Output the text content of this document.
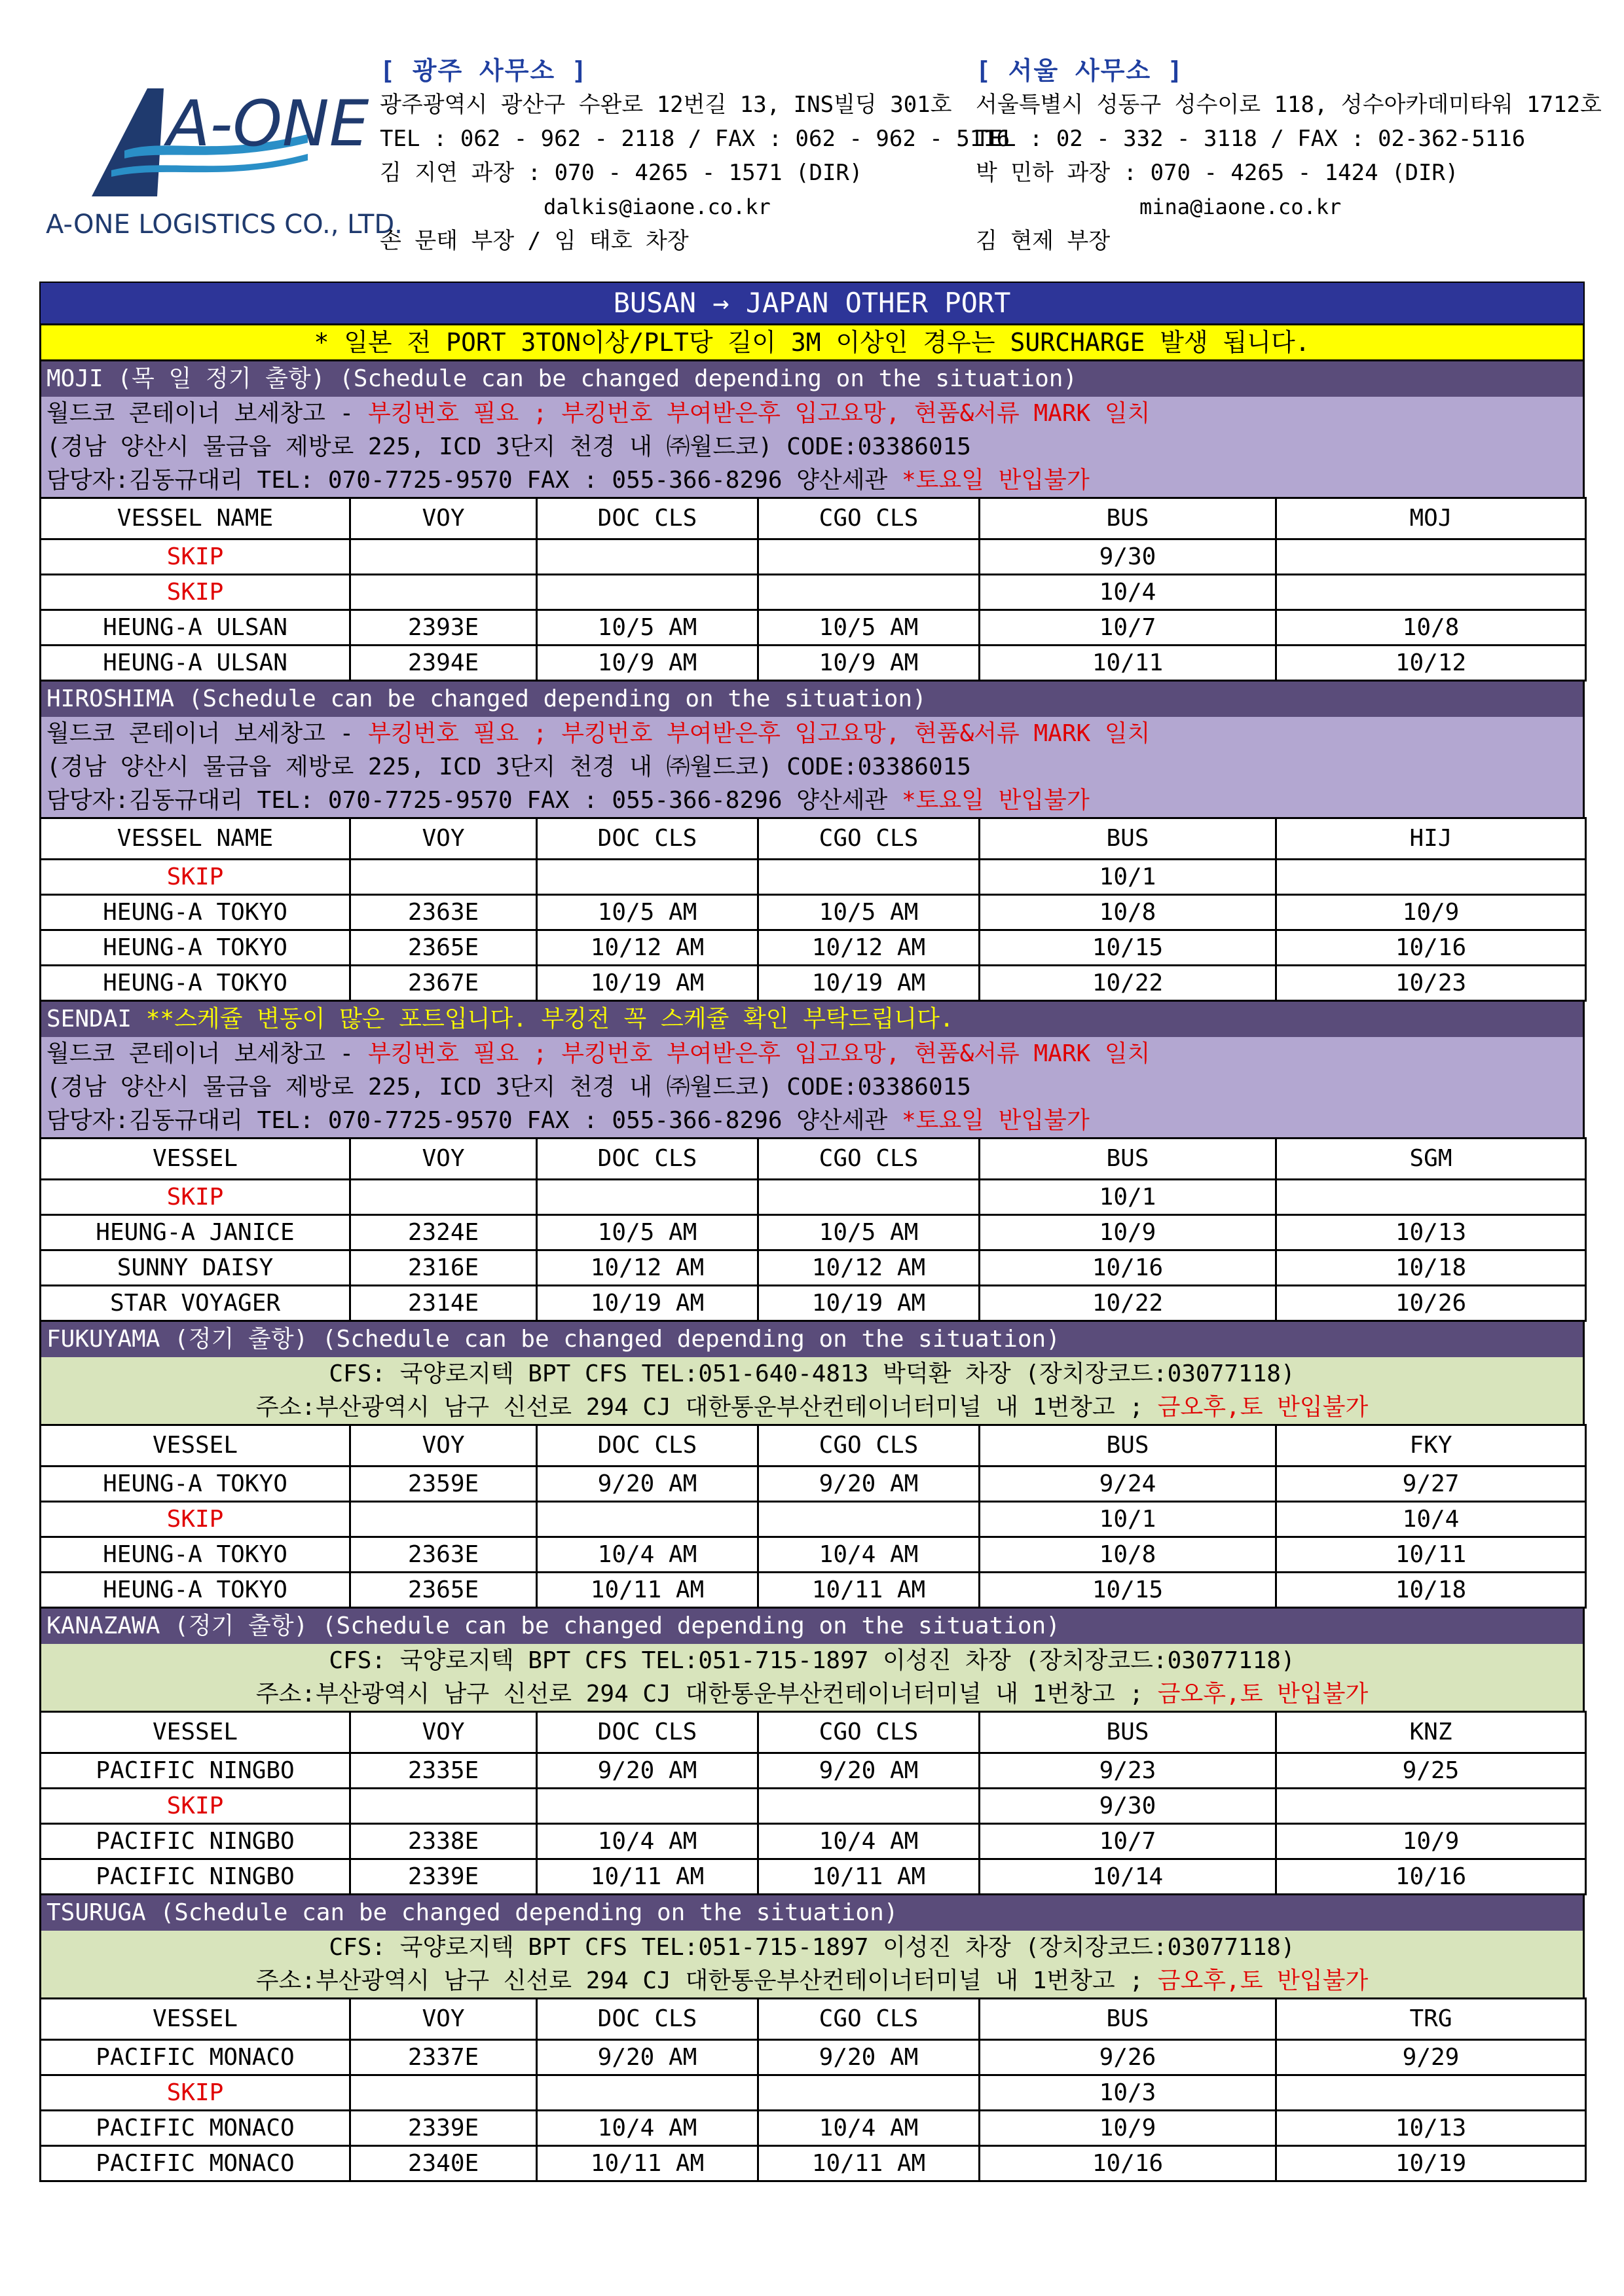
A-ONE
A-ONE LOGISTICS CO., LTD.
[ 광주 사무소 ]
광주광역시 광산구 수완로 12번길 13, INS빌딩 301호
TEL : 062 - 962 - 2118 / FAX : 062 - 962 - 5116
김 지연 과장 : 070 - 4265 - 1571 (DIR)
dalkis@iaone.co.kr
손 문태 부장 / 임 태호 차장
[ 서울 사무소 ]
서울특별시 성동구 성수이로 118, 성수아카데미타워 1712호
TEL : 02 - 332 - 3118 / FAX : 02-362-5116
박 민하 과장 : 070 - 4265 - 1424 (DIR)
mina@iaone.co.kr
김 현제 부장
BUSAN → JAPAN OTHER PORT
* 일본 전 PORT 3TON이상/PLT당 길이 3M 이상인 경우는 SURCHARGE 발생 됩니다.
MOJI (목 일 정기 출항) (Schedule can be changed depending on the situation)
월드코 콘테이너 보세창고 - 부킹번호 필요 ; 부킹번호 부여받은후 입고요망, 현품&서류 MARK 일치
(경남 양산시 물금읍 제방로 225, ICD 3단지 천경 내 ㈜월드코) CODE:03386015
담당자:김동규대리 TEL: 070-7725-9570 FAX : 055-366-8296 양산세관 *토요일 반입불가
VESSEL NAME	VOY	DOC CLS	CGO CLS	BUS	MOJ
SKIP				9/30	
SKIP				10/4	
HEUNG-A ULSAN	2393E	10/5 AM	10/5 AM	10/7	10/8
HEUNG-A ULSAN	2394E	10/9 AM	10/9 AM	10/11	10/12
HIROSHIMA (Schedule can be changed depending on the situation)
월드코 콘테이너 보세창고 - 부킹번호 필요 ; 부킹번호 부여받은후 입고요망, 현품&서류 MARK 일치
(경남 양산시 물금읍 제방로 225, ICD 3단지 천경 내 ㈜월드코) CODE:03386015
담당자:김동규대리 TEL: 070-7725-9570 FAX : 055-366-8296 양산세관 *토요일 반입불가
VESSEL NAME	VOY	DOC CLS	CGO CLS	BUS	HIJ
SKIP				10/1	
HEUNG-A TOKYO	2363E	10/5 AM	10/5 AM	10/8	10/9
HEUNG-A TOKYO	2365E	10/12 AM	10/12 AM	10/15	10/16
HEUNG-A TOKYO	2367E	10/19 AM	10/19 AM	10/22	10/23
SENDAI **스케쥴 변동이 많은 포트입니다. 부킹전 꼭 스케쥴 확인 부탁드립니다.
월드코 콘테이너 보세창고 - 부킹번호 필요 ; 부킹번호 부여받은후 입고요망, 현품&서류 MARK 일치
(경남 양산시 물금읍 제방로 225, ICD 3단지 천경 내 ㈜월드코) CODE:03386015
담당자:김동규대리 TEL: 070-7725-9570 FAX : 055-366-8296 양산세관 *토요일 반입불가
VESSEL	VOY	DOC CLS	CGO CLS	BUS	SGM
SKIP				10/1	
HEUNG-A JANICE	2324E	10/5 AM	10/5 AM	10/9	10/13
SUNNY DAISY	2316E	10/12 AM	10/12 AM	10/16	10/18
STAR VOYAGER	2314E	10/19 AM	10/19 AM	10/22	10/26
FUKUYAMA (정기 출항) (Schedule can be changed depending on the situation)
CFS: 국양로지텍 BPT CFS TEL:051-640-4813 박덕환 차장 (장치장코드:03077118)
주소:부산광역시 남구 신선로 294 CJ 대한통운부산컨테이너터미널 내 1번창고 ; 금오후,토 반입불가
VESSEL	VOY	DOC CLS	CGO CLS	BUS	FKY
HEUNG-A TOKYO	2359E	9/20 AM	9/20 AM	9/24	9/27
SKIP				10/1	10/4
HEUNG-A TOKYO	2363E	10/4 AM	10/4 AM	10/8	10/11
HEUNG-A TOKYO	2365E	10/11 AM	10/11 AM	10/15	10/18
KANAZAWA (정기 출항) (Schedule can be changed depending on the situation)
CFS: 국양로지텍 BPT CFS TEL:051-715-1897 이성진 차장 (장치장코드:03077118)
주소:부산광역시 남구 신선로 294 CJ 대한통운부산컨테이너터미널 내 1번창고 ; 금오후,토 반입불가
VESSEL	VOY	DOC CLS	CGO CLS	BUS	KNZ
PACIFIC NINGBO	2335E	9/20 AM	9/20 AM	9/23	9/25
SKIP				9/30	
PACIFIC NINGBO	2338E	10/4 AM	10/4 AM	10/7	10/9
PACIFIC NINGBO	2339E	10/11 AM	10/11 AM	10/14	10/16
TSURUGA (Schedule can be changed depending on the situation)
CFS: 국양로지텍 BPT CFS TEL:051-715-1897 이성진 차장 (장치장코드:03077118)
주소:부산광역시 남구 신선로 294 CJ 대한통운부산컨테이너터미널 내 1번창고 ; 금오후,토 반입불가
VESSEL	VOY	DOC CLS	CGO CLS	BUS	TRG
PACIFIC MONACO	2337E	9/20 AM	9/20 AM	9/26	9/29
SKIP				10/3	
PACIFIC MONACO	2339E	10/4 AM	10/4 AM	10/9	10/13
PACIFIC MONACO	2340E	10/11 AM	10/11 AM	10/16	10/19
